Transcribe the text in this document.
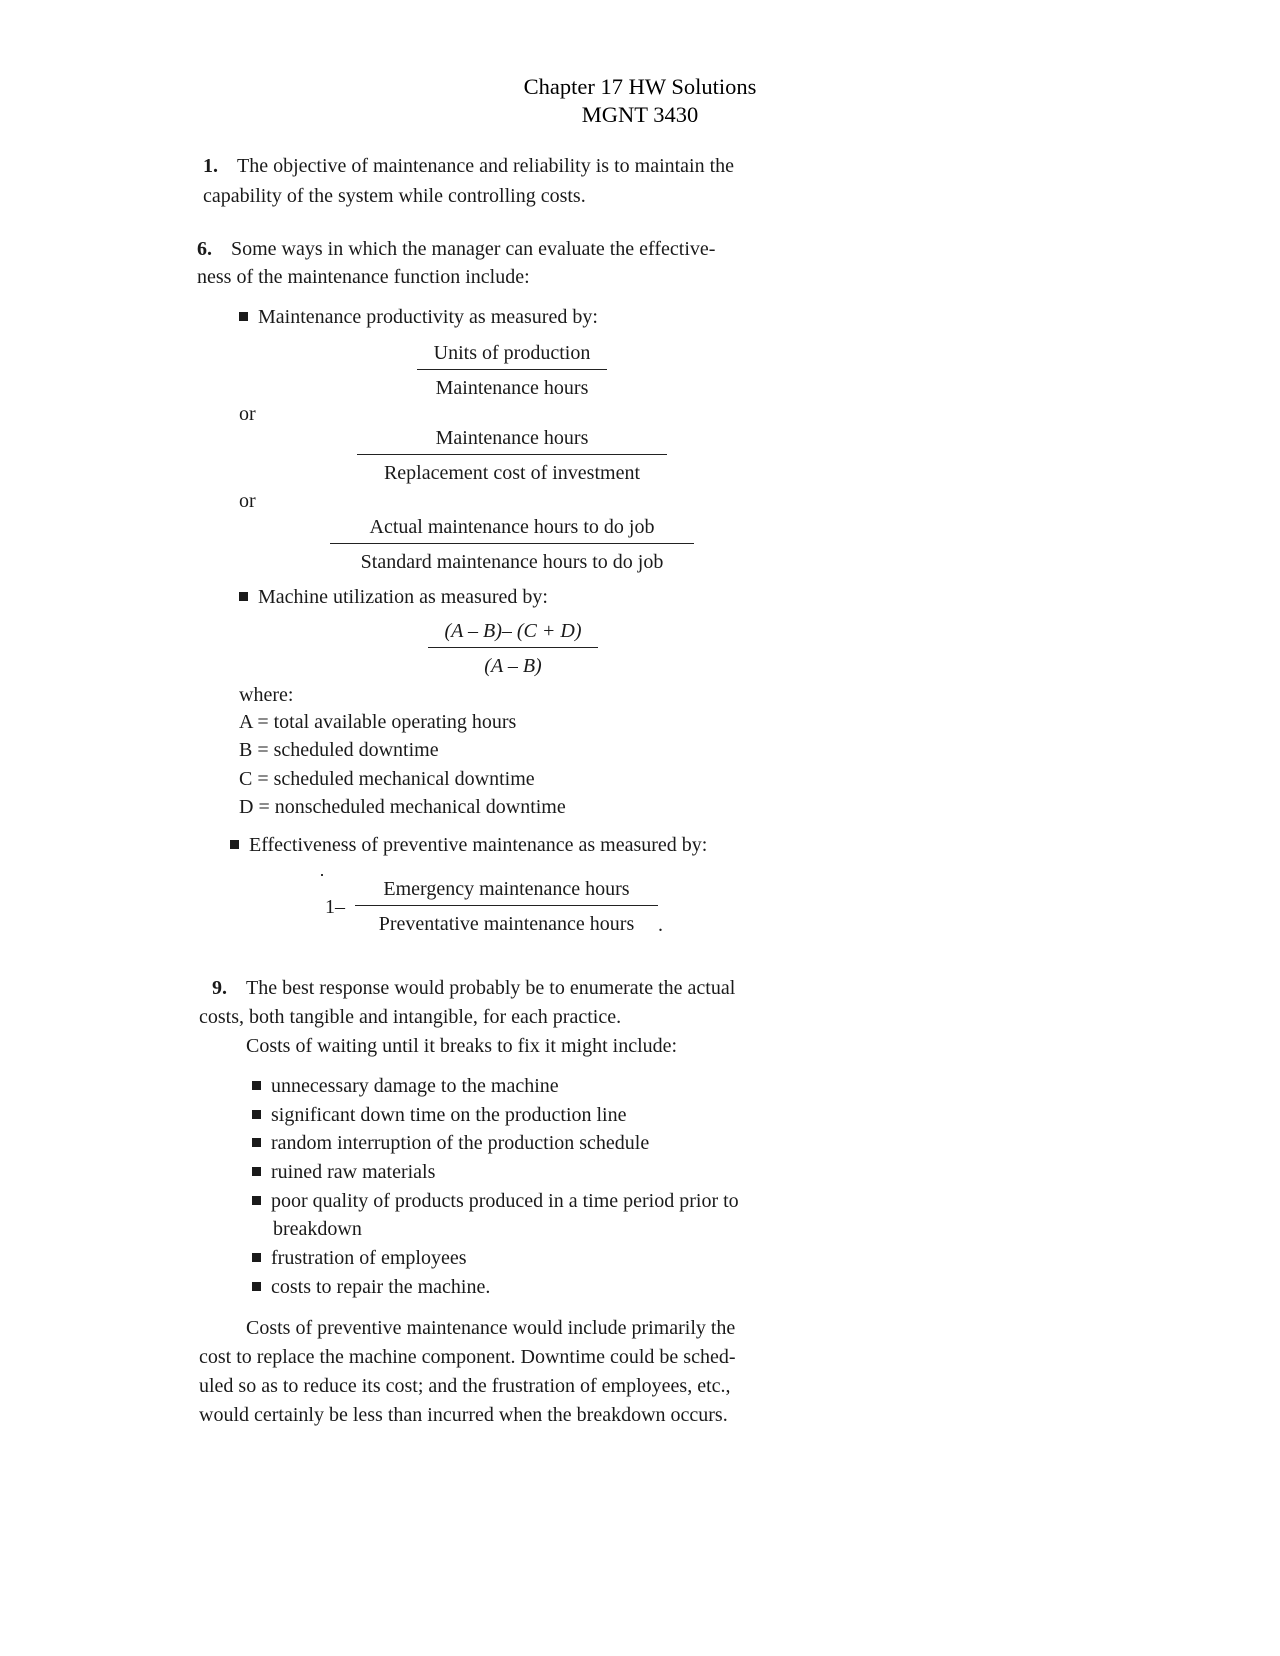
Chapter 17 HW Solutions
MGNT 3430
1. The objective of maintenance and reliability is to maintain the
capability of the system while controlling costs.
6. Some ways in which the manager can evaluate the effective-
ness of the maintenance function include:
Maintenance productivity as measured by:
Units of production
Maintenance hours
or
Maintenance hours
Replacement cost of investment
or
Actual maintenance hours to do job
Standard maintenance hours to do job
Machine utilization as measured by:
$\frac{(A - B)- (C + D)}{(A - B)}$
where:
A = total available operating hours
B = scheduled downtime
C = scheduled mechanical downtime
D = nonscheduled mechanical downtime
Effectiveness of preventive maintenance as measured by:
1–
Emergency maintenance hours
Preventative maintenance hours	.
9. The best response would probably be to enumerate the actual
costs, both tangible and intangible, for each practice.
Costs of waiting until it breaks to fix it might include:
unnecessary damage to the machine
significant down time on the production line
random interruption of the production schedule
ruined raw materials
poor quality of products produced in a time period prior to
breakdown
frustration of employees
costs to repair the machine.
Costs of preventive maintenance would include primarily the
cost to replace the machine component. Downtime could be sched-
uled so as to reduce its cost; and the frustration of employees, etc.,
would certainly be less than incurred when the breakdown occurs.
